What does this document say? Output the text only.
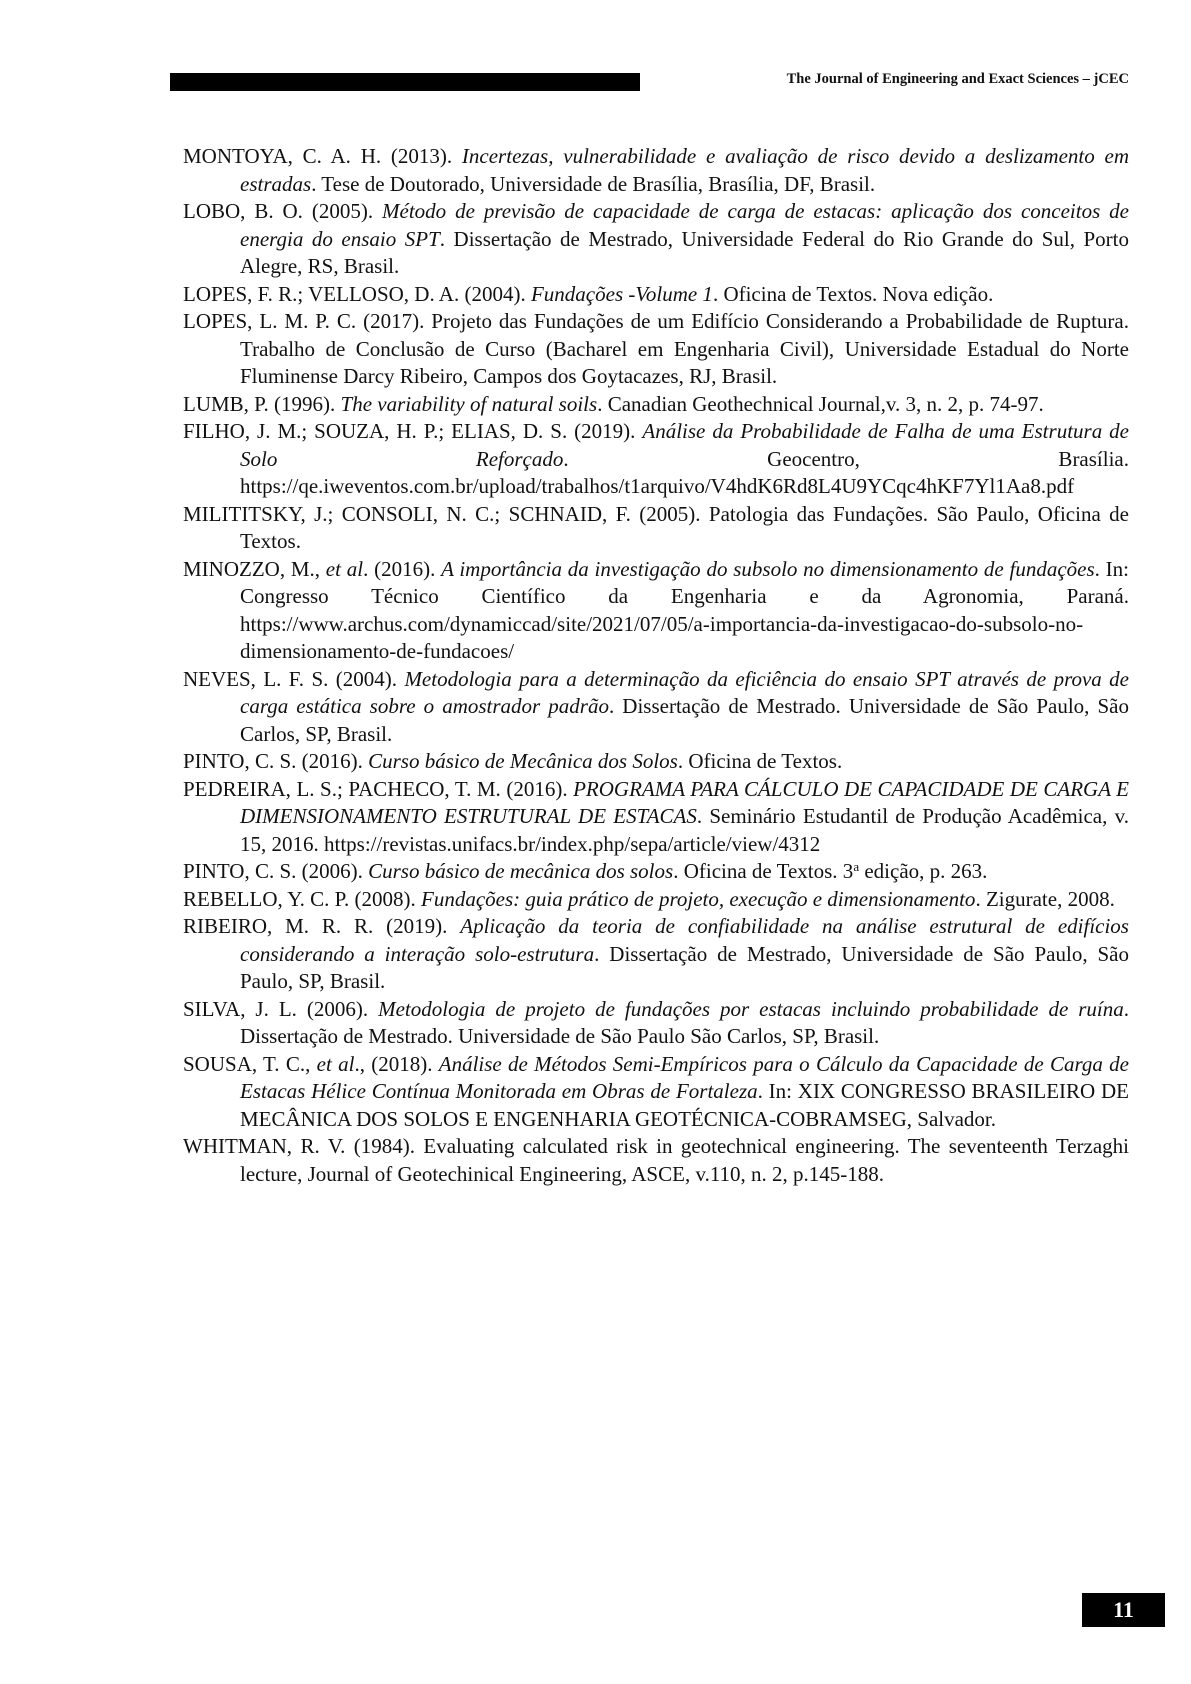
The Journal of Engineering and Exact Sciences – jCEC

MONTOYA, C. A. H. (2013). Incertezas, vulnerabilidade e avaliação de risco devido a deslizamento em estradas. Tese de Doutorado, Universidade de Brasília, Brasília, DF, Brasil.

LOBO, B. O. (2005). Método de previsão de capacidade de carga de estacas: aplicação dos conceitos de energia do ensaio SPT. Dissertação de Mestrado, Universidade Federal do Rio Grande do Sul, Porto Alegre, RS, Brasil.

LOPES, F. R.; VELLOSO, D. A. (2004). Fundações -Volume 1. Oficina de Textos. Nova edição.

LOPES, L. M. P. C. (2017). Projeto das Fundações de um Edifício Considerando a Probabilidade de Ruptura. Trabalho de Conclusão de Curso (Bacharel em Engenharia Civil), Universidade Estadual do Norte Fluminense Darcy Ribeiro, Campos dos Goytacazes, RJ, Brasil.

LUMB, P. (1996). The variability of natural soils. Canadian Geothechnical Journal,v. 3, n. 2, p. 74-97.

FILHO, J. M.; SOUZA, H. P.; ELIAS, D. S. (2019). Análise da Probabilidade de Falha de uma Estrutura de Solo Reforçado. Geocentro, Brasília. https://qe.iweventos.com.br/upload/trabalhos/t1arquivo/V4hdK6Rd8L4U9YCqc4hKF7Yl1Aa8.pdf

MILITITSKY, J.; CONSOLI, N. C.; SCHNAID, F. (2005). Patologia das Fundações. São Paulo, Oficina de Textos.

MINOZZO, M., et al. (2016). A importância da investigação do subsolo no dimensionamento de fundações. In: Congresso Técnico Científico da Engenharia e da Agronomia, Paraná. https://www.archus.com/dynamiccad/site/2021/07/05/a-importancia-da-investigacao-do-subsolo-no-dimensionamento-de-fundacoes/

NEVES, L. F. S. (2004). Metodologia para a determinação da eficiência do ensaio SPT através de prova de carga estática sobre o amostrador padrão. Dissertação de Mestrado. Universidade de São Paulo, São Carlos, SP, Brasil.

PINTO, C. S. (2016). Curso básico de Mecânica dos Solos. Oficina de Textos.

PEDREIRA, L. S.; PACHECO, T. M. (2016). PROGRAMA PARA CÁLCULO DE CAPACIDADE DE CARGA E DIMENSIONAMENTO ESTRUTURAL DE ESTACAS. Seminário Estudantil de Produção Acadêmica, v. 15, 2016. https://revistas.unifacs.br/index.php/sepa/article/view/4312

PINTO, C. S. (2006). Curso básico de mecânica dos solos. Oficina de Textos. 3$^a$ edição, p. 263.

REBELLO, Y. C. P. (2008). Fundações: guia prático de projeto, execução e dimensionamento. Zigurate, 2008.

RIBEIRO, M. R. R. (2019). Aplicação da teoria de confiabilidade na análise estrutural de edifícios considerando a interação solo-estrutura. Dissertação de Mestrado, Universidade de São Paulo, São Paulo, SP, Brasil.

SILVA, J. L. (2006). Metodologia de projeto de fundações por estacas incluindo probabilidade de ruína. Dissertação de Mestrado. Universidade de São Paulo São Carlos, SP, Brasil.

SOUSA, T. C., et al., (2018). Análise de Métodos Semi-Empíricos para o Cálculo da Capacidade de Carga de Estacas Hélice Contínua Monitorada em Obras de Fortaleza. In: XIX CONGRESSO BRASILEIRO DE MECÂNICA DOS SOLOS E ENGENHARIA GEOTÉCNICA-COBRAMSEG, Salvador.

WHITMAN, R. V. (1984). Evaluating calculated risk in geotechnical engineering. The seventeenth Terzaghi lecture, Journal of Geotechinical Engineering, ASCE, v.110, n. 2, p.145-188.

11
